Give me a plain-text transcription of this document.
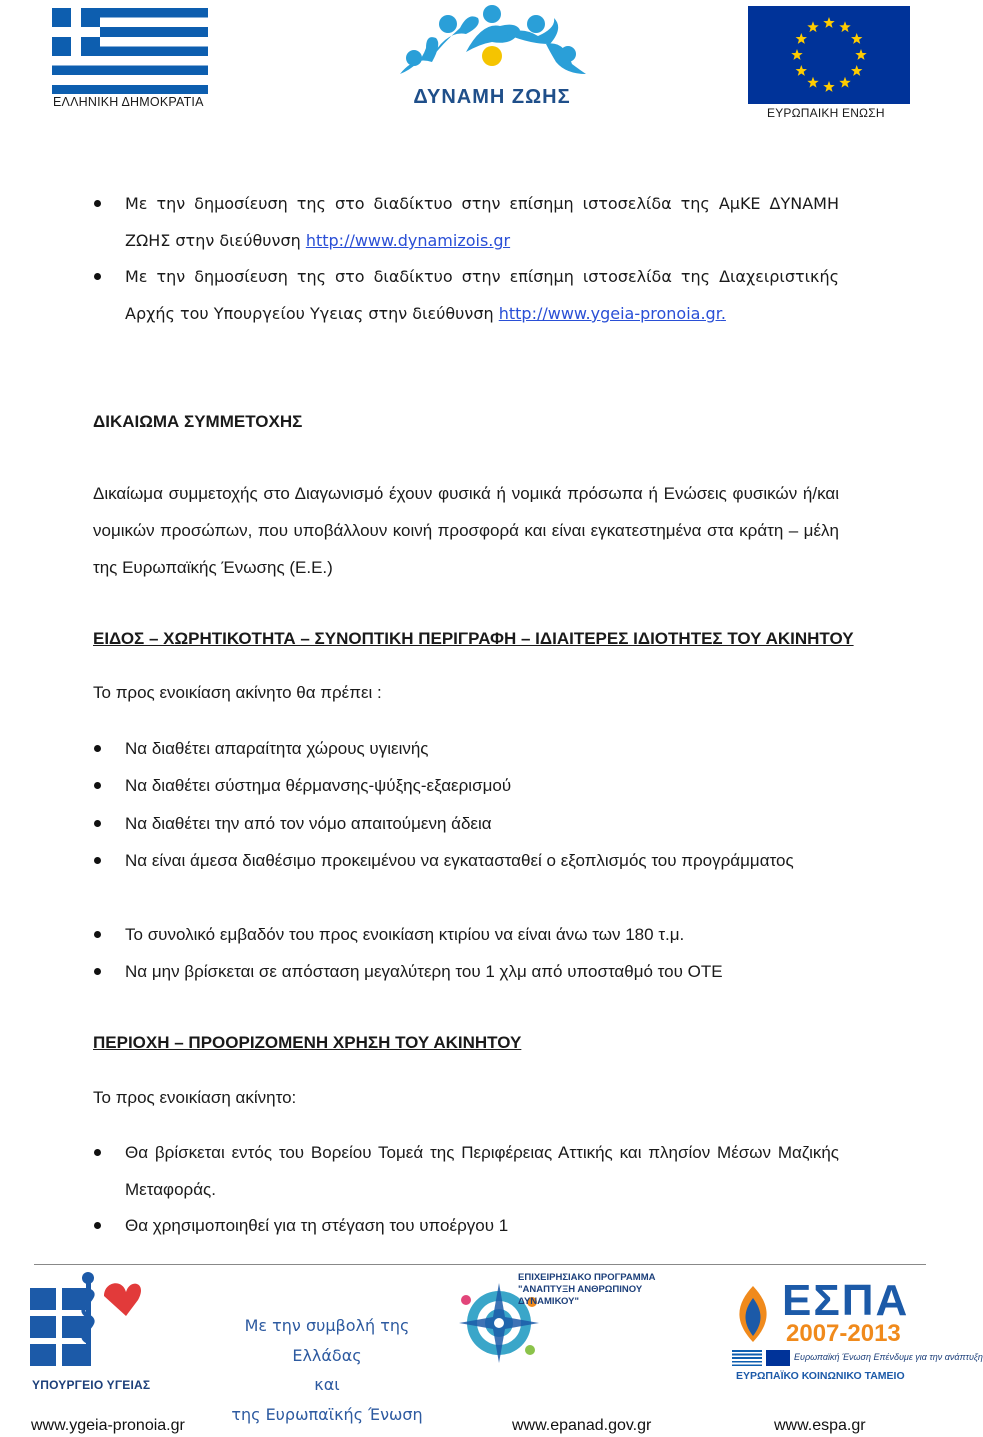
ΕΛΛΗΝΙΚΗ ΔΗΜΟΚΡΑΤΙΑ	ΔΥΝΑΜΗ ΖΩΗΣ
ΕΥΡΩΠΑΙΚΗ ΕΝΩΣΗ
Με την δημοσίευση της στο διαδίκτυο στην επίσημη ιστοσελίδα της ΑμΚΕ ΔΥΝΑΜΗ ΖΩΗΣ στην διεύθυνση http://www.dynamizois.gr
Με την δημοσίευση της στο διαδίκτυο στην επίσημη ιστοσελίδα της Διαχειριστικής Αρχής του Υπουργείου Υγειας στην διεύθυνση http://www.ygeia-pronoia.gr.
ΔΙΚΑΙΩΜΑ ΣΥΜΜΕΤΟΧΗΣ
Δικαίωμα συμμετοχής στο Διαγωνισμό έχουν φυσικά ή νομικά πρόσωπα ή Ενώσεις φυσικών ή/και νομικών προσώπων, που υποβάλλουν κοινή προσφορά και είναι εγκατεστημένα στα κράτη – μέλη της Ευρωπαϊκής Ένωσης (Ε.Ε.)
ΕΙΔΟΣ – ΧΩΡΗΤΙΚΟΤΗΤΑ – ΣΥΝΟΠΤΙΚΗ ΠΕΡΙΓΡΑΦΗ – ΙΔΙΑΙΤΕΡΕΣ ΙΔΙΟΤΗΤΕΣ ΤΟΥ ΑΚΙΝΗΤΟΥ
Το προς ενοικίαση ακίνητο θα πρέπει :
Να διαθέτει απαραίτητα χώρους υγιεινής
Να διαθέτει σύστημα θέρμανσης-ψύξης-εξαερισμού
Να διαθέτει την από τον νόμο απαιτούμενη άδεια
Να είναι άμεσα διαθέσιμο προκειμένου να εγκατασταθεί ο εξοπλισμός του προγράμματος
Το συνολικό εμβαδόν του προς ενοικίαση κτιρίου να είναι άνω των 180 τ.μ.
Να μην βρίσκεται σε απόσταση μεγαλύτερη του 1 χλμ από υποσταθμό του ΟΤΕ
ΠΕΡΙΟΧΗ – ΠΡΟΟΡΙΖΟΜΕΝΗ ΧΡΗΣΗ ΤΟΥ ΑΚΙΝΗΤΟΥ
Το προς ενοικίαση ακίνητο:
Θα βρίσκεται εντός του Βορείου Τομεά της Περιφέρειας Αττικής και πλησίον Μέσων Μαζικής Μεταφοράς.
Θα χρησιμοποιηθεί για τη στέγαση του υποέργου 1
ΥΠΟΥΡΓΕΙΟ ΥΓΕΙΑΣ
Με την συμβολή της
Ελλάδας
και
της Ευρωπαϊκής Ένωση
ΕΠΙΧΕΙΡΗΣΙΑΚΟ ΠΡΟΓΡΑΜΜΑ
"ΑΝΑΠΤΥΞΗ ΑΝΘΡΩΠΙΝΟΥ ΔΥΝΑΜΙΚΟΥ"	ΕΣΠΑ
2007-2013
Ευρωπαϊκή Ένωση Επένδυμε για την ανάπτυξη
ΕΥΡΩΠΑΪΚΟ ΚΟΙΝΩΝΙΚΟ ΤΑΜΕΙΟ
www.ygeia-pronoia.gr	www.epanad.gov.gr	www.espa.gr
